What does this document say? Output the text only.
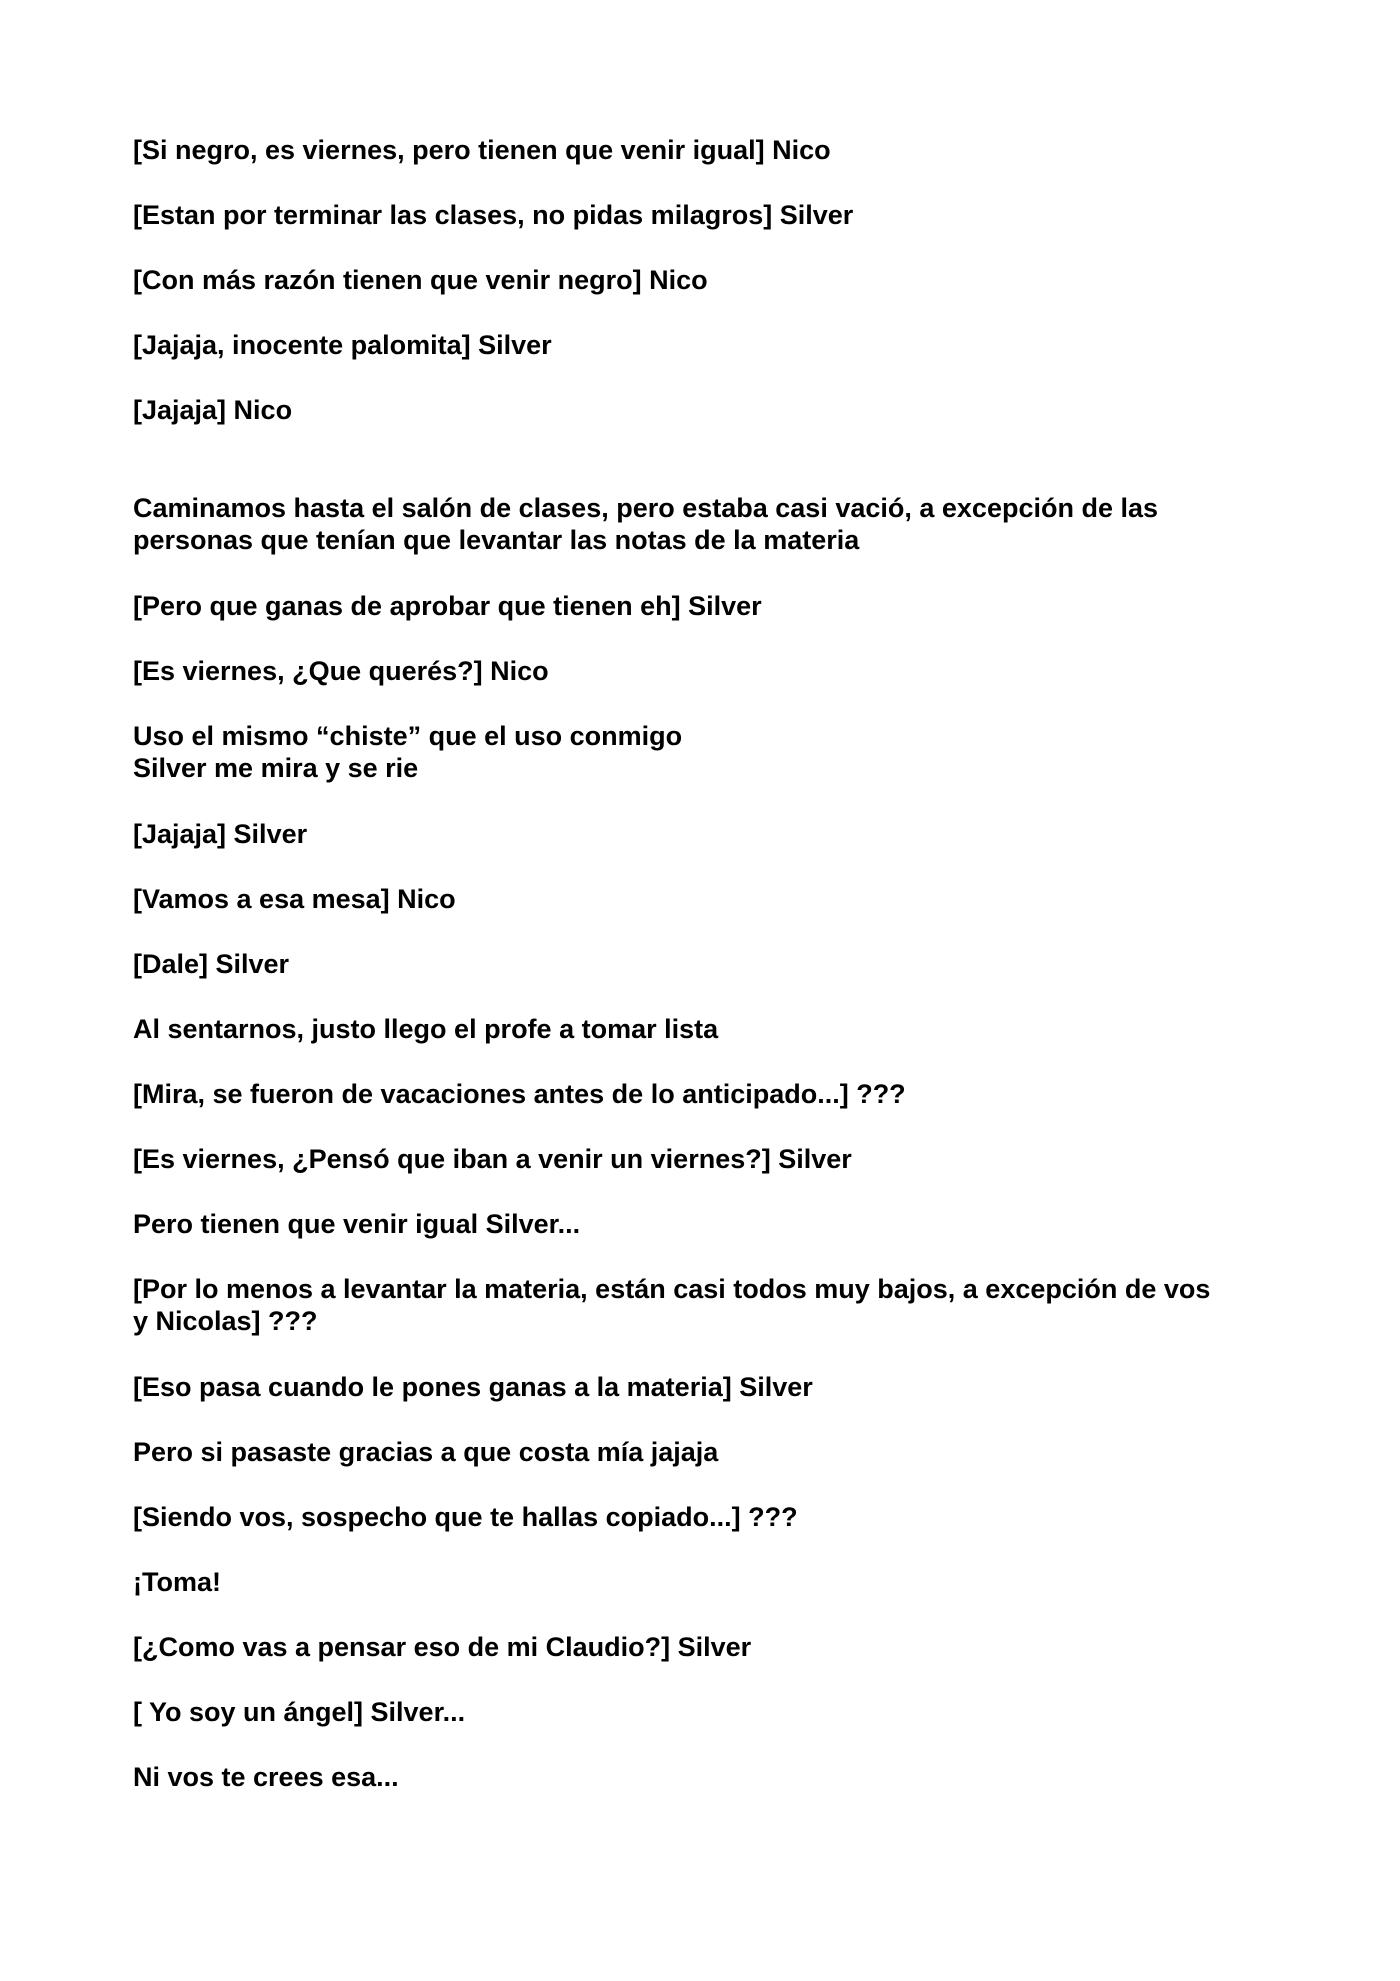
[Si negro, es viernes, pero tienen que venir igual] Nico

[Estan por terminar las clases, no pidas milagros] Silver

[Con más razón tienen que venir negro] Nico

[Jajaja, inocente palomita] Silver

[Jajaja] Nico

Caminamos hasta el salón de clases, pero estaba casi vació, a excepción de las
personas que tenían que levantar las notas de la materia

[Pero que ganas de aprobar que tienen eh] Silver

[Es viernes, ¿Que querés?] Nico

Uso el mismo “chiste” que el uso conmigo
Silver me mira y se rie

[Jajaja] Silver

[Vamos a esa mesa] Nico

[Dale] Silver

Al sentarnos, justo llego el profe a tomar lista

[Mira, se fueron de vacaciones antes de lo anticipado...] ???

[Es viernes, ¿Pensó que iban a venir un viernes?] Silver

Pero tienen que venir igual Silver...

[Por lo menos a levantar la materia, están casi todos muy bajos, a excepción de vos
y Nicolas] ???

[Eso pasa cuando le pones ganas a la materia] Silver

Pero si pasaste gracias a que costa mía jajaja

[Siendo vos, sospecho que te hallas copiado...] ???

¡Toma!

[¿Como vas a pensar eso de mi Claudio?] Silver

[ Yo soy un ángel] Silver...

Ni vos te crees esa...
